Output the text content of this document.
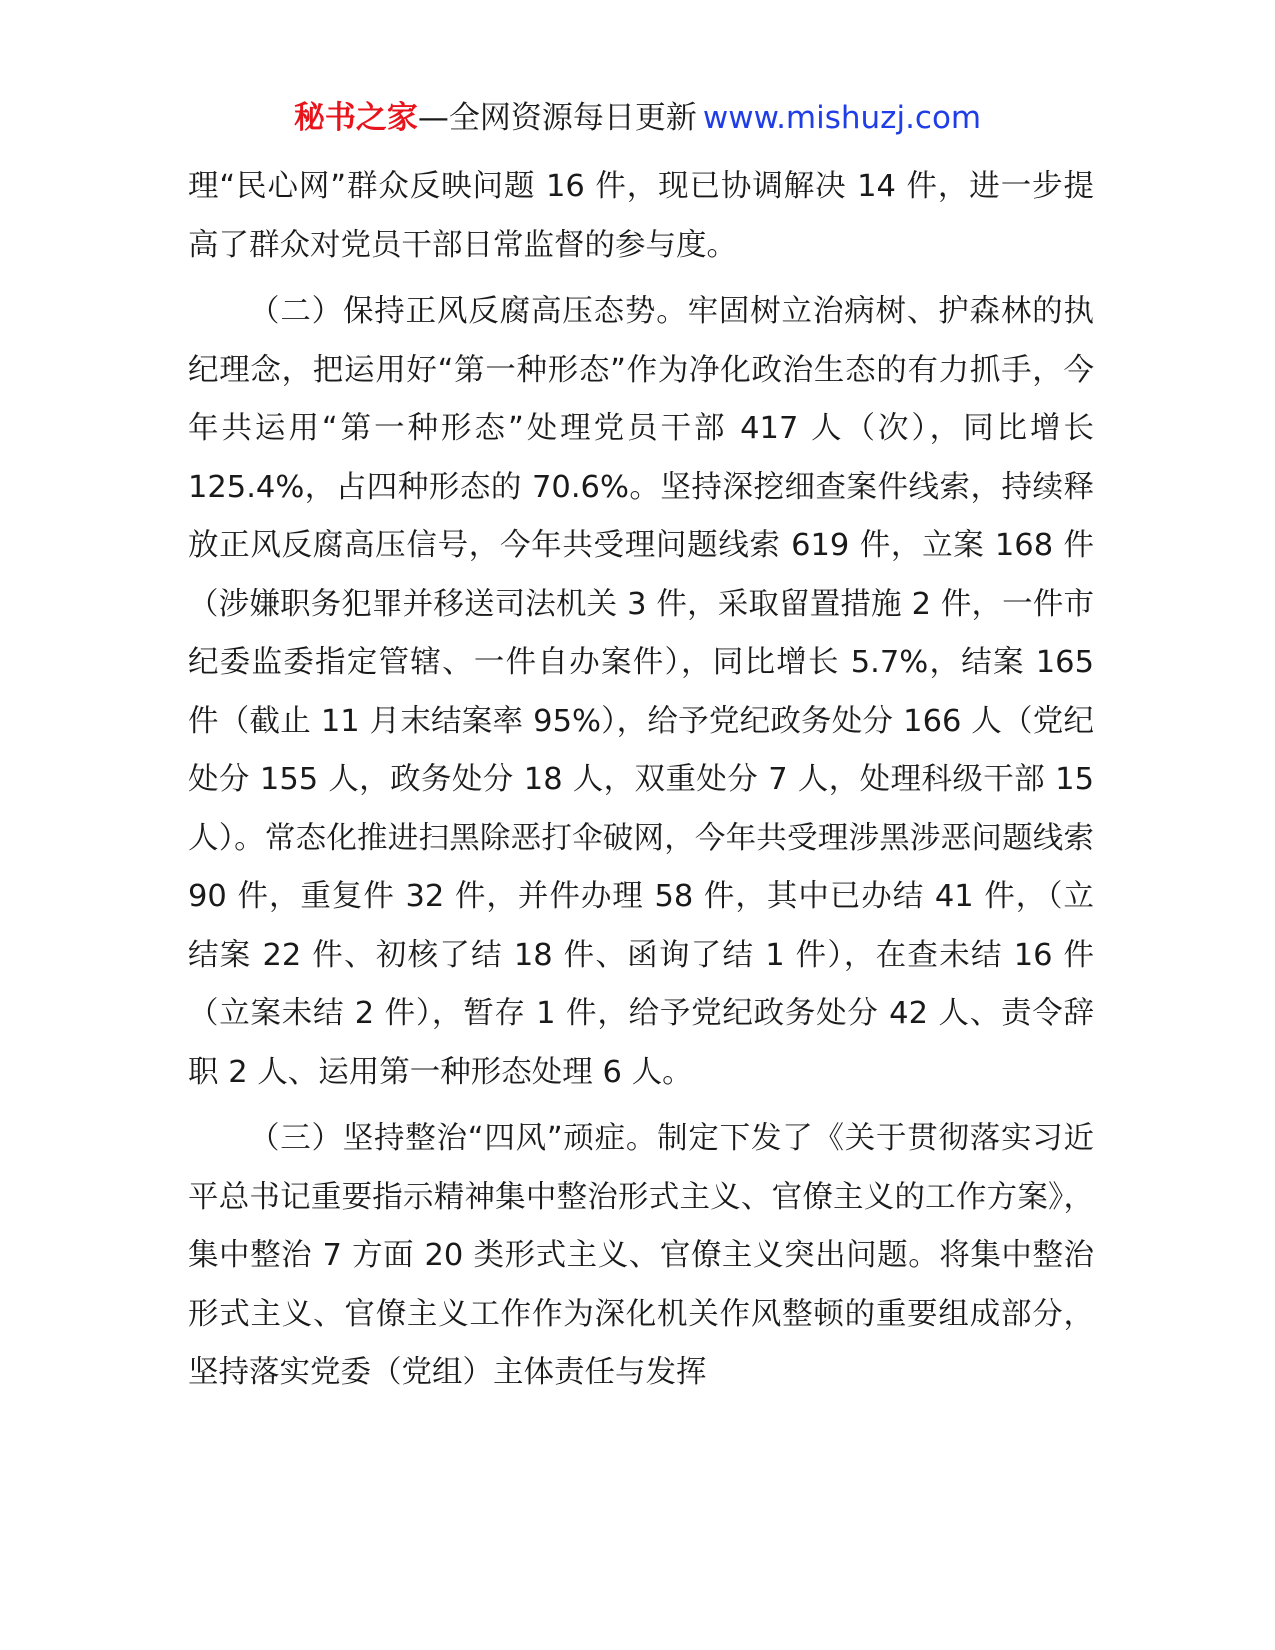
秘书之家—全网资源每日更新 www.mishuzj.com

理“民心网”群众反映问题 16 件，现已协调解决 14 件，进一步提高了群众对党员干部日常监督的参与度。

（二）保持正风反腐高压态势。牢固树立治病树、护森林的执纪理念，把运用好“第一种形态”作为净化政治生态的有力抓手，今年共运用“第一种形态”处理党员干部 417 人（次），同比增长 125.4%，占四种形态的 70.6%。坚持深挖细查案件线索，持续释放正风反腐高压信号，今年共受理问题线索 619 件，立案 168 件（涉嫌职务犯罪并移送司法机关 3 件，采取留置措施 2 件，一件市纪委监委指定管辖、一件自办案件），同比增长 5.7%，结案 165 件（截止 11 月末结案率 95%），给予党纪政务处分 166 人（党纪处分 155 人，政务处分 18 人，双重处分 7 人，处理科级干部 15 人）。常态化推进扫黑除恶打伞破网，今年共受理涉黑涉恶问题线索 90 件，重复件 32 件，并件办理 58 件，其中已办结 41 件，（立结案 22 件、初核了结 18 件、函询了结 1 件），在查未结 16 件（立案未结 2 件），暂存 1 件，给予党纪政务处分 42 人、责令辞职 2 人、运用第一种形态处理 6 人。

（三）坚持整治“四风”顽症。制定下发了《关于贯彻落实习近平总书记重要指示精神集中整治形式主义、官僚主义的工作方案》，集中整治 7 方面 20 类形式主义、官僚主义突出问题。将集中整治形式主义、官僚主义工作作为深化机关作风整顿的重要组成部分，坚持落实党委（党组）主体责任与发挥
